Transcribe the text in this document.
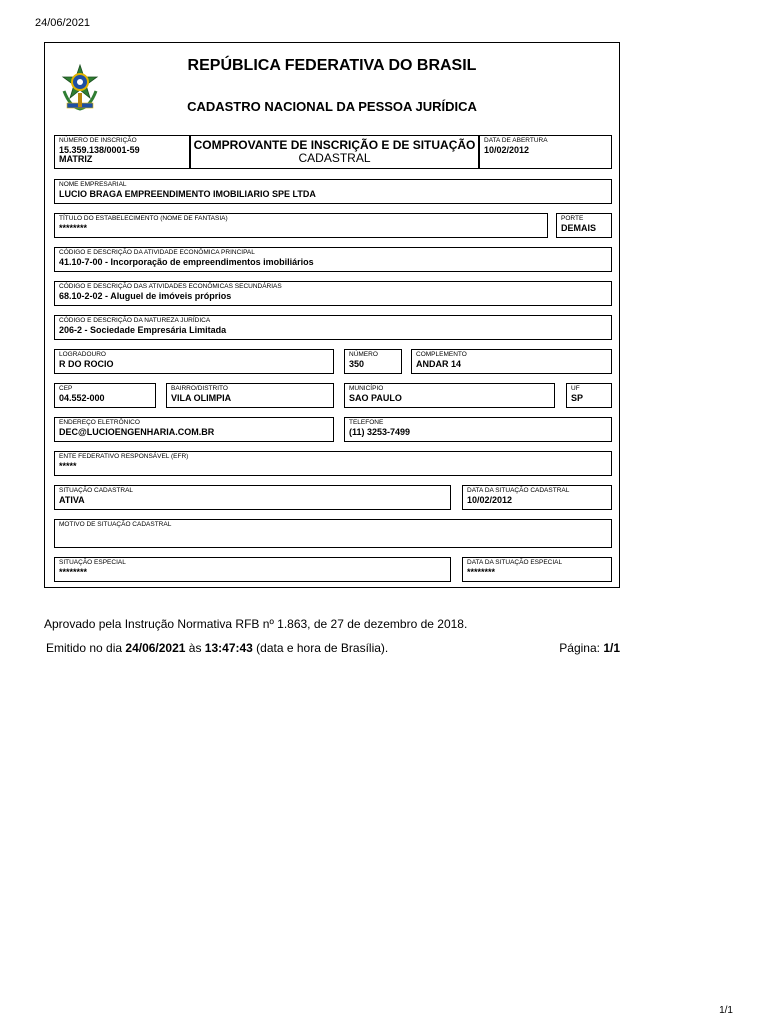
24/06/2021
REPÚBLICA FEDERATIVA DO BRASIL
CADASTRO NACIONAL DA PESSOA JURÍDICA
NÚMERO DE INSCRIÇÃO
15.359.138/0001-59
MATRIZ
COMPROVANTE DE INSCRIÇÃO E DE SITUAÇÃO
CADASTRAL
DATA DE ABERTURA
10/02/2012
NOME EMPRESARIAL
LUCIO BRAGA EMPREENDIMENTO IMOBILIARIO SPE LTDA
TÍTULO DO ESTABELECIMENTO (NOME DE FANTASIA)
********
PORTE
DEMAIS
CÓDIGO E DESCRIÇÃO DA ATIVIDADE ECONÔMICA PRINCIPAL
41.10-7-00 - Incorporação de empreendimentos imobiliários
CÓDIGO E DESCRIÇÃO DAS ATIVIDADES ECONÔMICAS SECUNDÁRIAS
68.10-2-02 - Aluguel de imóveis próprios
CÓDIGO E DESCRIÇÃO DA NATUREZA JURÍDICA
206-2 - Sociedade Empresária Limitada
LOGRADOURO
R DO ROCIO
NÚMERO
350
COMPLEMENTO
ANDAR 14
CEP
04.552-000
BAIRRO/DISTRITO
VILA OLIMPIA
MUNICÍPIO
SAO PAULO
UF
SP
ENDEREÇO ELETRÔNICO
DEC@LUCIOENGENHARIA.COM.BR
TELEFONE
(11) 3253-7499
ENTE FEDERATIVO RESPONSÁVEL (EFR)
*****
SITUAÇÃO CADASTRAL
ATIVA
DATA DA SITUAÇÃO CADASTRAL
10/02/2012
MOTIVO DE SITUAÇÃO CADASTRAL
SITUAÇÃO ESPECIAL
********
DATA DA SITUAÇÃO ESPECIAL
********
Aprovado pela Instrução Normativa RFB nº 1.863, de 27 de dezembro de 2018.
Emitido no dia 24/06/2021 às 13:47:43 (data e hora de Brasília).	Página: 1/1
1/1
